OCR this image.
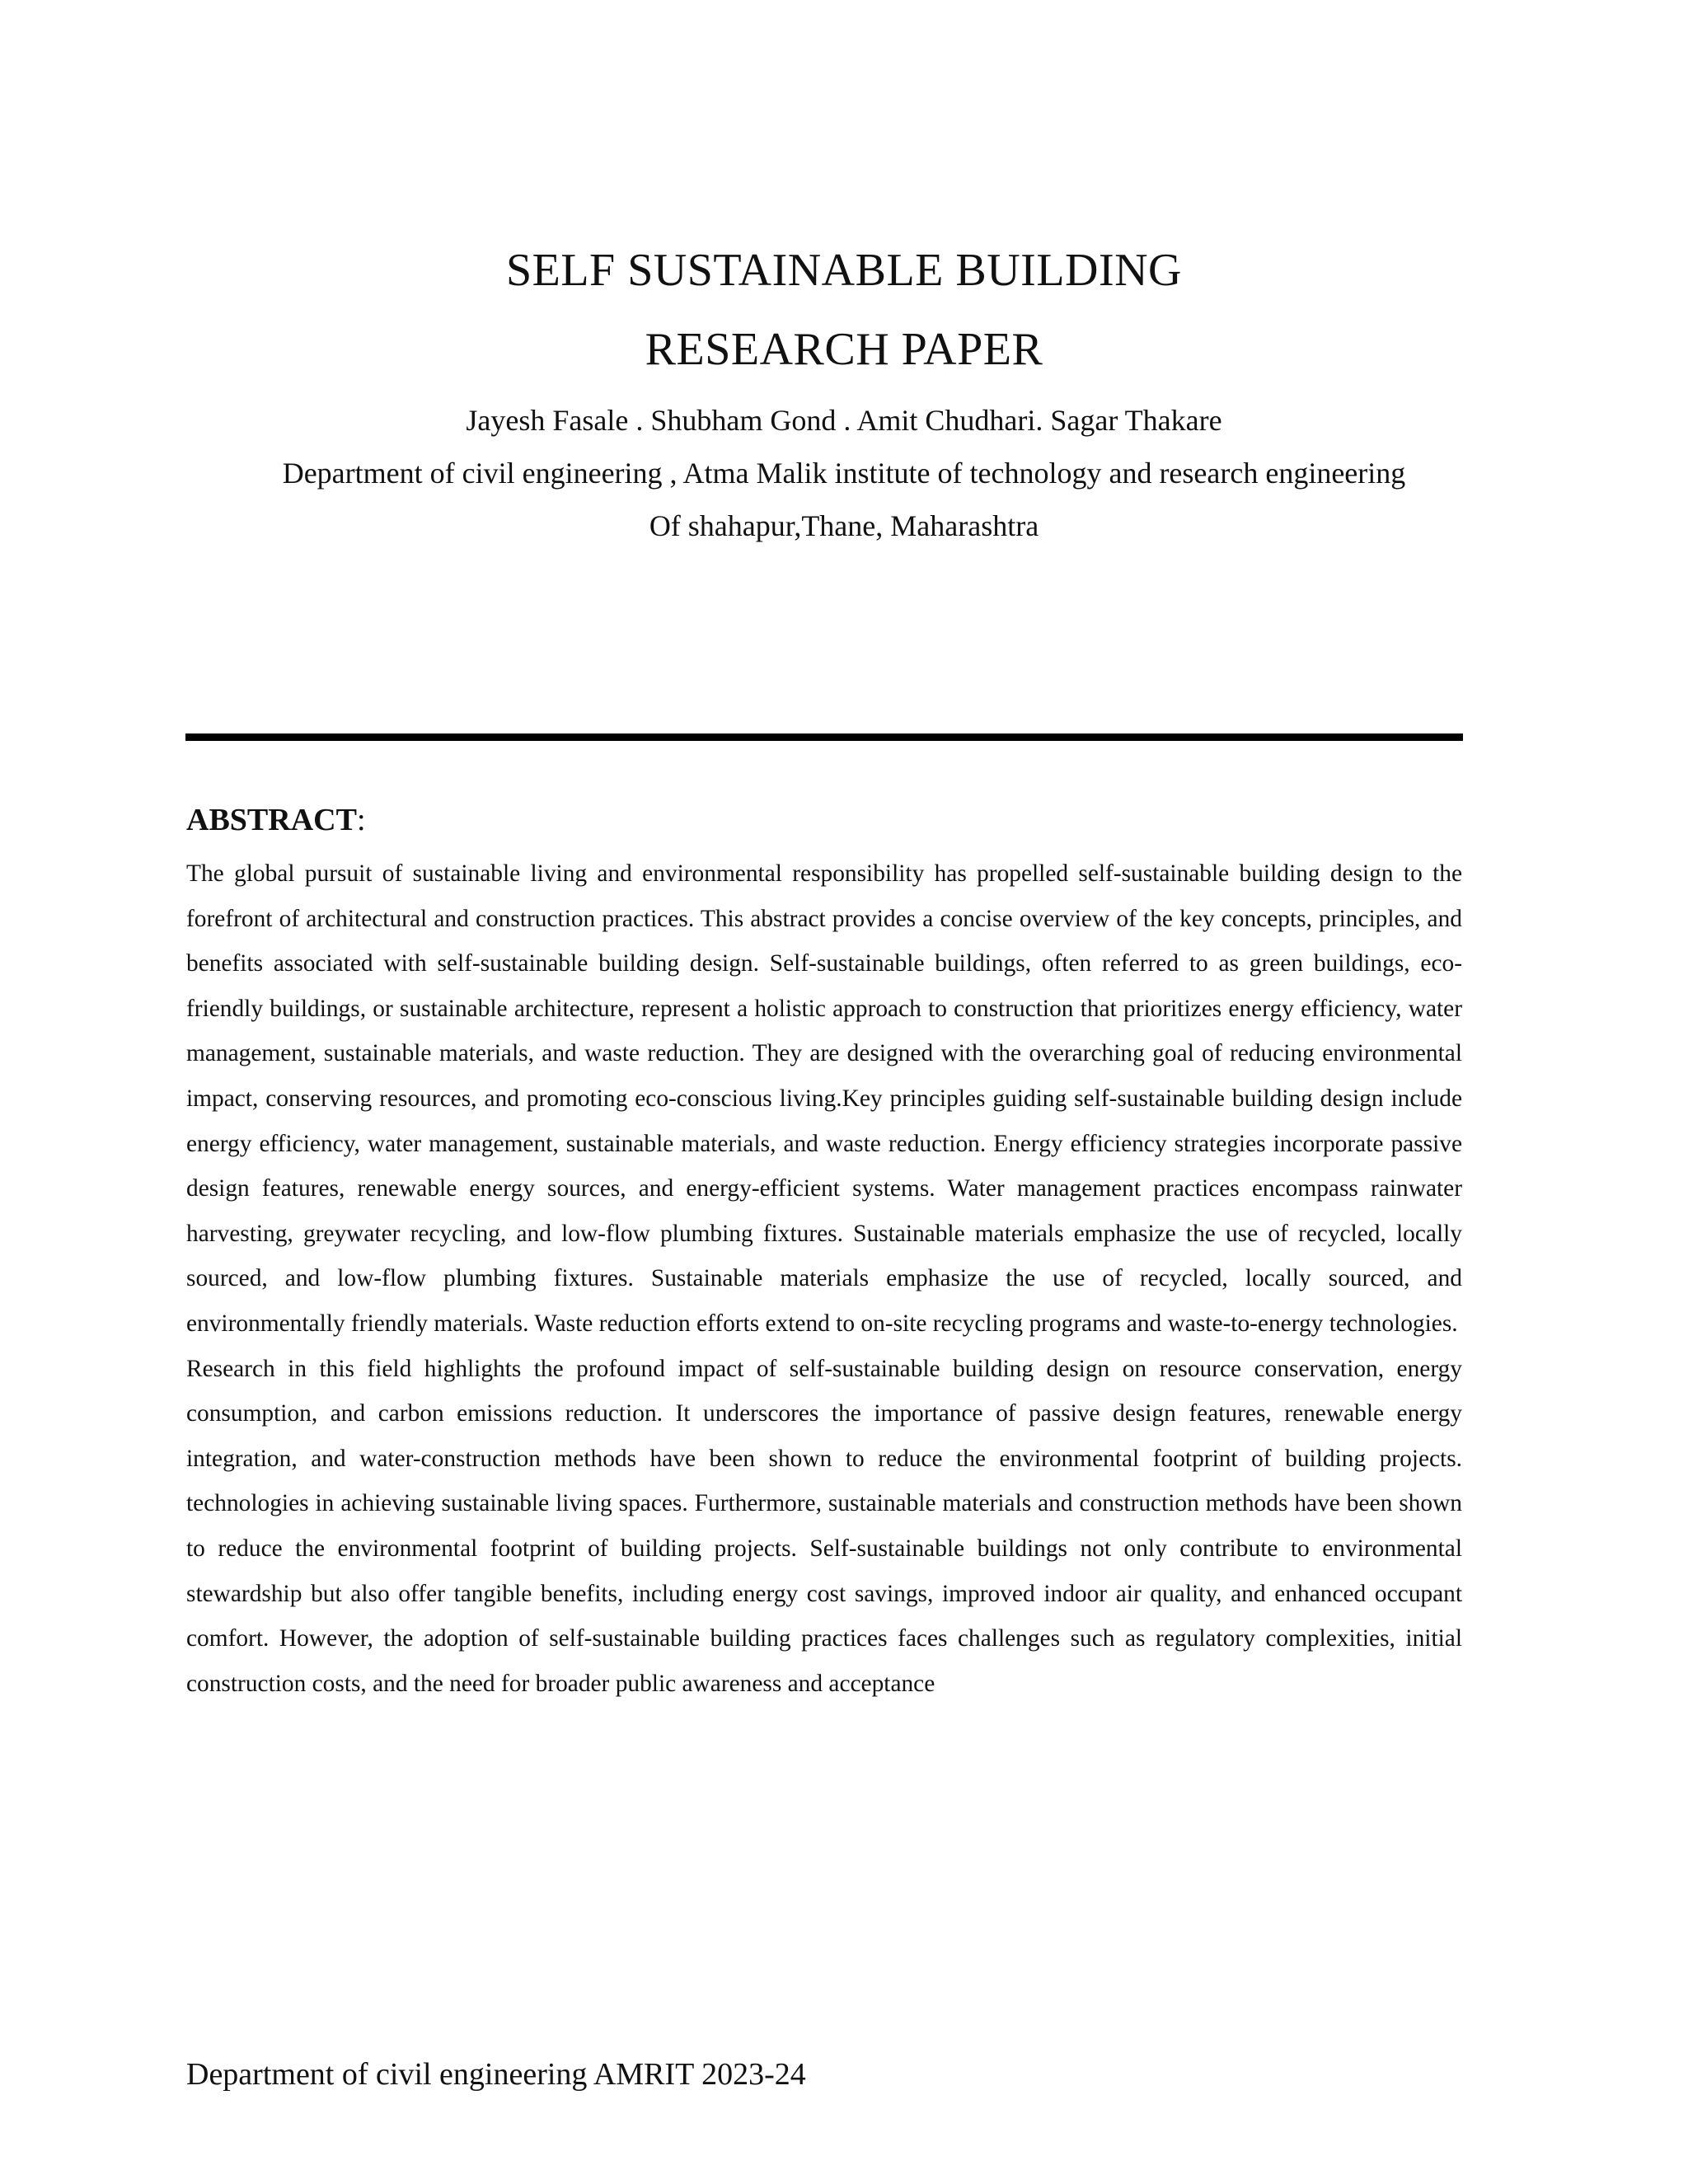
SELF SUSTAINABLE BUILDING
RESEARCH PAPER
Jayesh Fasale . Shubham Gond . Amit Chudhari. Sagar Thakare
Department of civil engineering , Atma Malik institute of technology and research engineering
Of shahapur,Thane, Maharashtra
ABSTRACT:

The global pursuit of sustainable living and environmental responsibility has propelled self-sustainable building design to the forefront of architectural and construction practices. This abstract provides a concise overview of the key concepts, principles, and benefits associated with self-sustainable building design. Self-sustainable buildings, often referred to as green buildings, eco-friendly buildings, or sustainable architecture, represent a holistic approach to construction that prioritizes energy efficiency, water management, sustainable materials, and waste reduction. They are designed with the overarching goal of reducing environmental impact, conserving resources, and promoting eco-conscious living.Key principles guiding self-sustainable building design include energy efficiency, water management, sustainable materials, and waste reduction. Energy efficiency strategies incorporate passive design features, renewable energy sources, and energy-efficient systems. Water management practices encompass rainwater harvesting, greywater recycling, and low-flow plumbing fixtures. Sustainable materials emphasize the use of recycled, locally sourced, and low-flow plumbing fixtures. Sustainable materials emphasize the use of recycled, locally sourced, and environmentally friendly materials. Waste reduction efforts extend to on-site recycling programs and waste-to-energy technologies.

Research in this field highlights the profound impact of self-sustainable building design on resource conservation, energy consumption, and carbon emissions reduction. It underscores the importance of passive design features, renewable energy integration, and water-construction methods have been shown to reduce the environmental footprint of building projects. technologies in achieving sustainable living spaces. Furthermore, sustainable materials and construction methods have been shown to reduce the environmental footprint of building projects. Self-sustainable buildings not only contribute to environmental stewardship but also offer tangible benefits, including energy cost savings, improved indoor air quality, and enhanced occupant comfort. However, the adoption of self-sustainable building practices faces challenges such as regulatory complexities, initial construction costs, and the need for broader public awareness and acceptance

Department of civil engineering AMRIT 2023-24
